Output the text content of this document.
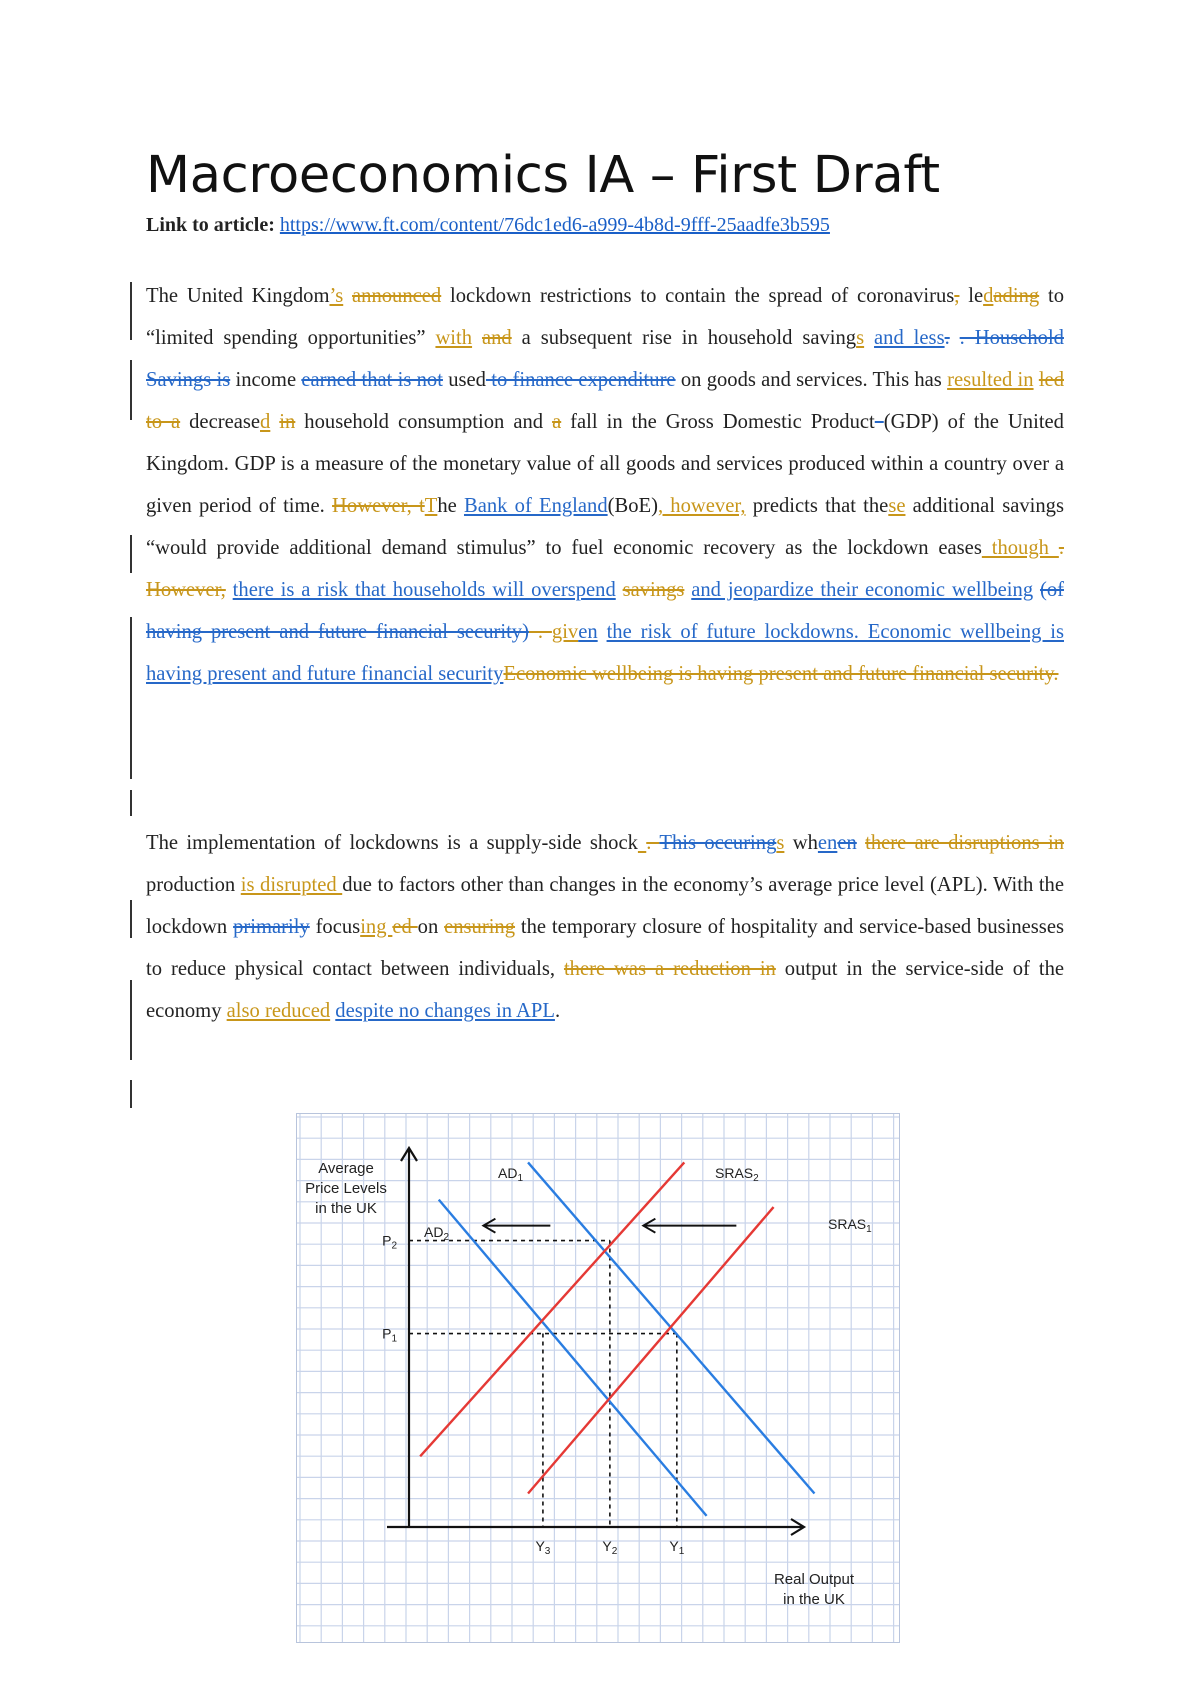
Macroeconomics IA – First Draft
Link to article: https://www.ft.com/content/76dc1ed6-a999-4b8d-9fff-25aadfe3b595

The United Kingdom’s announced lockdown restrictions to contain the spread of coronavirus, ledading to “limited spending opportunities” with and a subsequent rise in household savings and less. . Household Savings is income earned that is not used to finance expenditure on goods and services. This has resulted in led to a decreased in household consumption and a fall in the Gross Domestic Product (GDP) of the United Kingdom. GDP is a measure of the monetary value of all goods and services produced within a country over a given period of time. However, tThe Bank of England(BoE), however, predicts that these additional savings “would provide additional demand stimulus” to fuel economic recovery as the lockdown eases though . However, there is a risk that households will overspend savings and jeopardize their economic wellbeing (of having present and future financial security) . given the risk of future lockdowns. Economic wellbeing is having present and future financial securityEconomic wellbeing is having present and future financial security.

The implementation of lockdowns is a supply-side shock . This occurings whenen there are disruptions in production is disrupted due to factors other than changes in the economy’s average price level (APL). With the lockdown primarily focusing ed on ensuring the temporary closure of hospitality and service-based businesses to reduce physical contact between individuals, there was a reduction in output in the service-side of the economy also reduced despite no changes in APL.

Average
Price Levels
in the UK
Real Output
in the UK
$P_2$
$P_1$
$Y_3$	$Y_2$	$Y_1$
$AD_1$
$AD_2$
$SRAS_2$
$SRAS_1$
